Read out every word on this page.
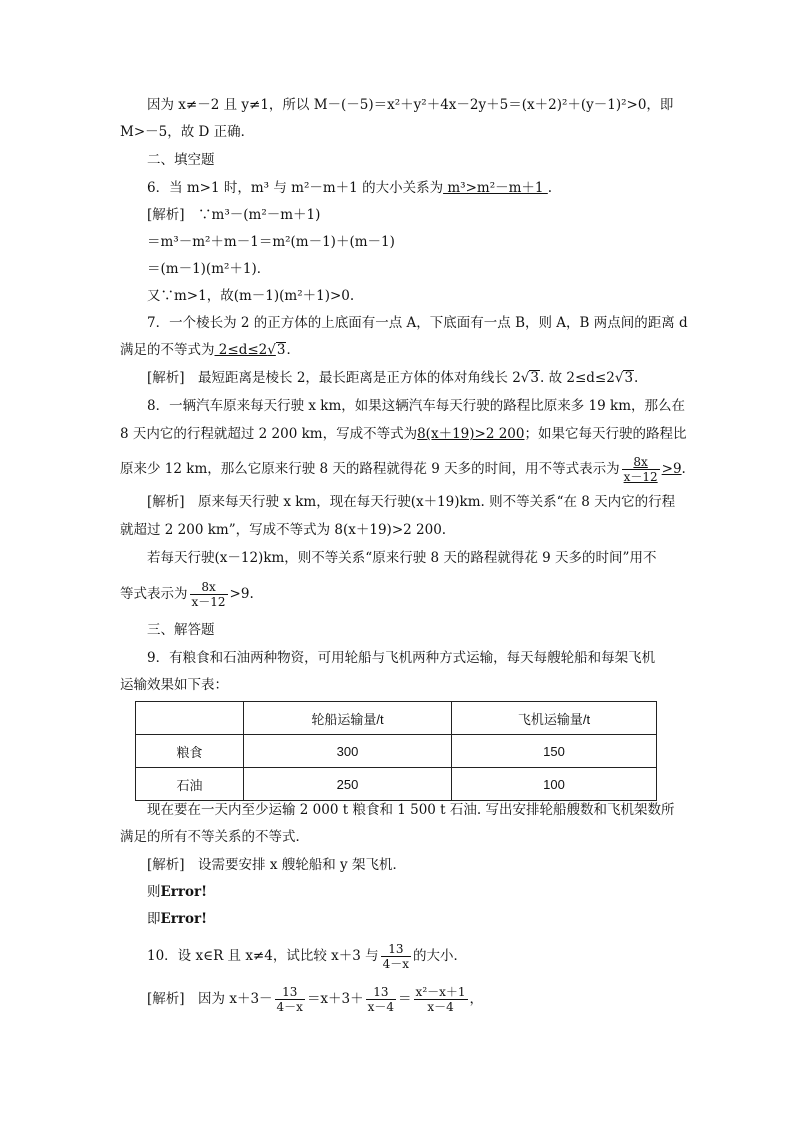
因为 x≠－2 且 y≠1，所以 M－(－5)＝x²＋y²＋4x－2y＋5＝(x＋2)²＋(y－1)²>0，即
M>－5，故 D 正确．
二、填空题
6．当 m>1 时，m³ 与 m²－m＋1 的大小关系为 m³>m²－m＋1 .
[解析]　∵m³－(m²－m＋1)
＝m³－m²＋m－1＝m²(m－1)＋(m－1)
＝(m－1)(m²＋1)．
又∵m>1，故(m－1)(m²＋1)>0.
7．一个棱长为 2 的正方体的上底面有一点 A，下底面有一点 B，则 A，B 两点间的距离 d
满足的不等式为 2≤d≤2√3．
[解析]　最短距离是棱长 2，最长距离是正方体的体对角线长 2√3. 故 2≤d≤2√3.
8．一辆汽车原来每天行驶 x km，如果这辆汽车每天行驶的路程比原来多 19 km，那么在
8 天内它的行程就超过 2 200 km，写成不等式为8(x＋19)>2 200；如果它每天行驶的路程比
原来少 12 km，那么它原来行驶 8 天的路程就得花 9 天多的时间，用不等式表示为 $\frac{8x}{x-12} >9$.
[解析]　原来每天行驶 x km，现在每天行驶(x＋19)km. 则不等关系“在 8 天内它的行程
就超过 2 200 km”，写成不等式为 8(x＋19)>2 200.
若每天行驶(x－12)km，则不等关系“原来行驶 8 天的路程就得花 9 天多的时间”用不
等式表示为 $\frac{8x}{x-12} >9$.
三、解答题
9．有粮食和石油两种物资，可用轮船与飞机两种方式运输，每天每艘轮船和每架飞机
运输效果如下表：
	轮船运输量/t	飞机运输量/t
粮食	300	150
石油	250	100
现在要在一天内至少运输 2 000 t 粮食和 1 500 t 石油. 写出安排轮船艘数和飞机架数所
满足的所有不等关系的不等式．
[解析]　设需要安排 x 艘轮船和 y 架飞机．
则Error!
即Error!
10．设 x∈R 且 x≠4，试比较 x＋3 与 $\frac{13}{4-x}$ 的大小．
[解析]　因为 $x+3- \frac{13}{4-x} =x+3+ \frac{13}{x-4} = \frac{\text{x²－x＋1}}{x-4}$ ，
